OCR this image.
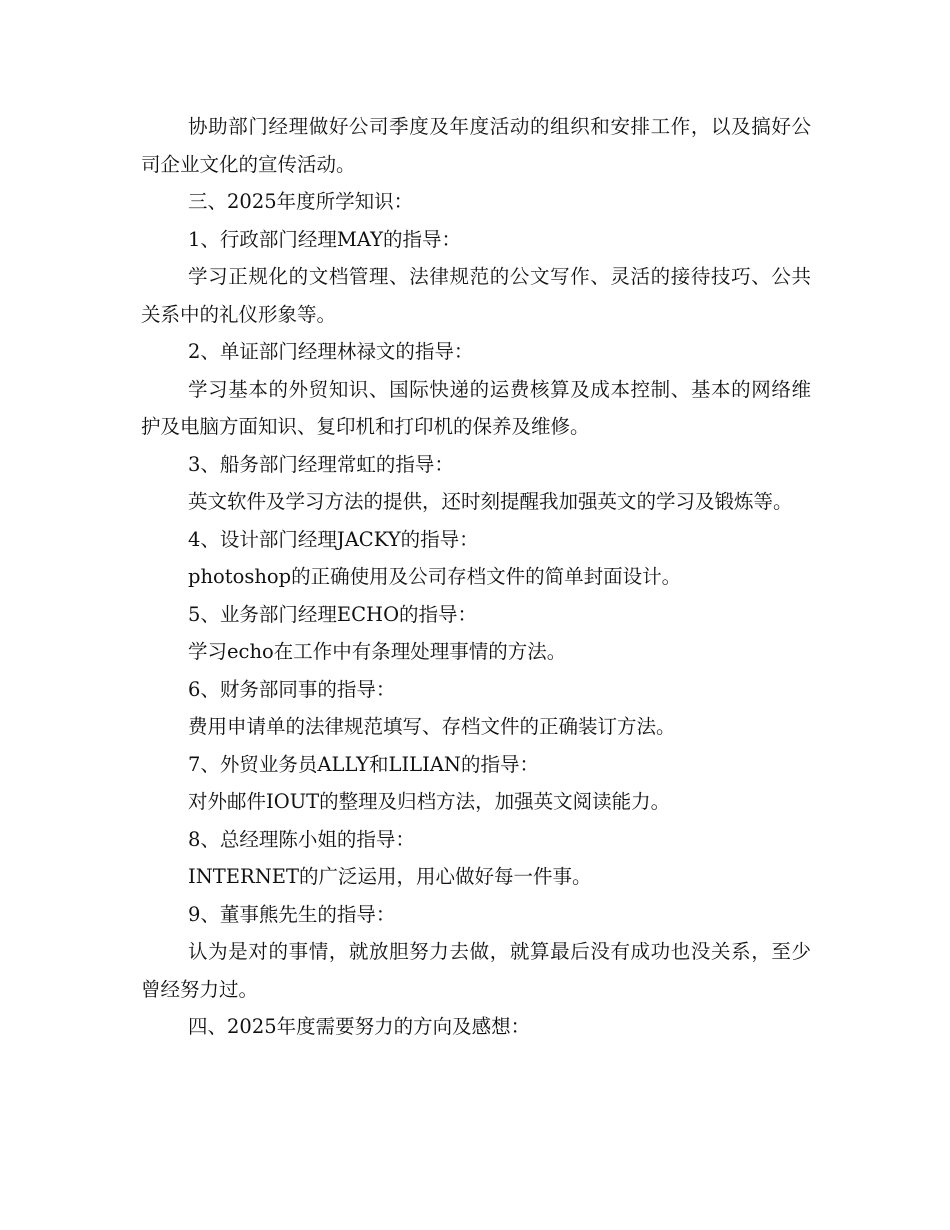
协助部门经理做好公司季度及年度活动的组织和安排工作，以及搞好公司企业文化的宣传活动。

三、2025年度所学知识：

1、行政部门经理MAY的指导：

学习正规化的文档管理、法律规范的公文写作、灵活的接待技巧、公共关系中的礼仪形象等。

2、单证部门经理林禄文的指导：

学习基本的外贸知识、国际快递的运费核算及成本控制、基本的网络维护及电脑方面知识、复印机和打印机的保养及维修。

3、船务部门经理常虹的指导：

英文软件及学习方法的提供，还时刻提醒我加强英文的学习及锻炼等。

4、设计部门经理JACKY的指导：

photoshop的正确使用及公司存档文件的简单封面设计。

5、业务部门经理ECHO的指导：

学习echo在工作中有条理处理事情的方法。

6、财务部同事的指导：

费用申请单的法律规范填写、存档文件的正确装订方法。

7、外贸业务员ALLY和LILIAN的指导：

对外邮件IOUT的整理及归档方法，加强英文阅读能力。

8、总经理陈小姐的指导：

INTERNET的广泛运用，用心做好每一件事。

9、董事熊先生的指导：

认为是对的事情，就放胆努力去做，就算最后没有成功也没关系，至少曾经努力过。

四、2025年度需要努力的方向及感想：
